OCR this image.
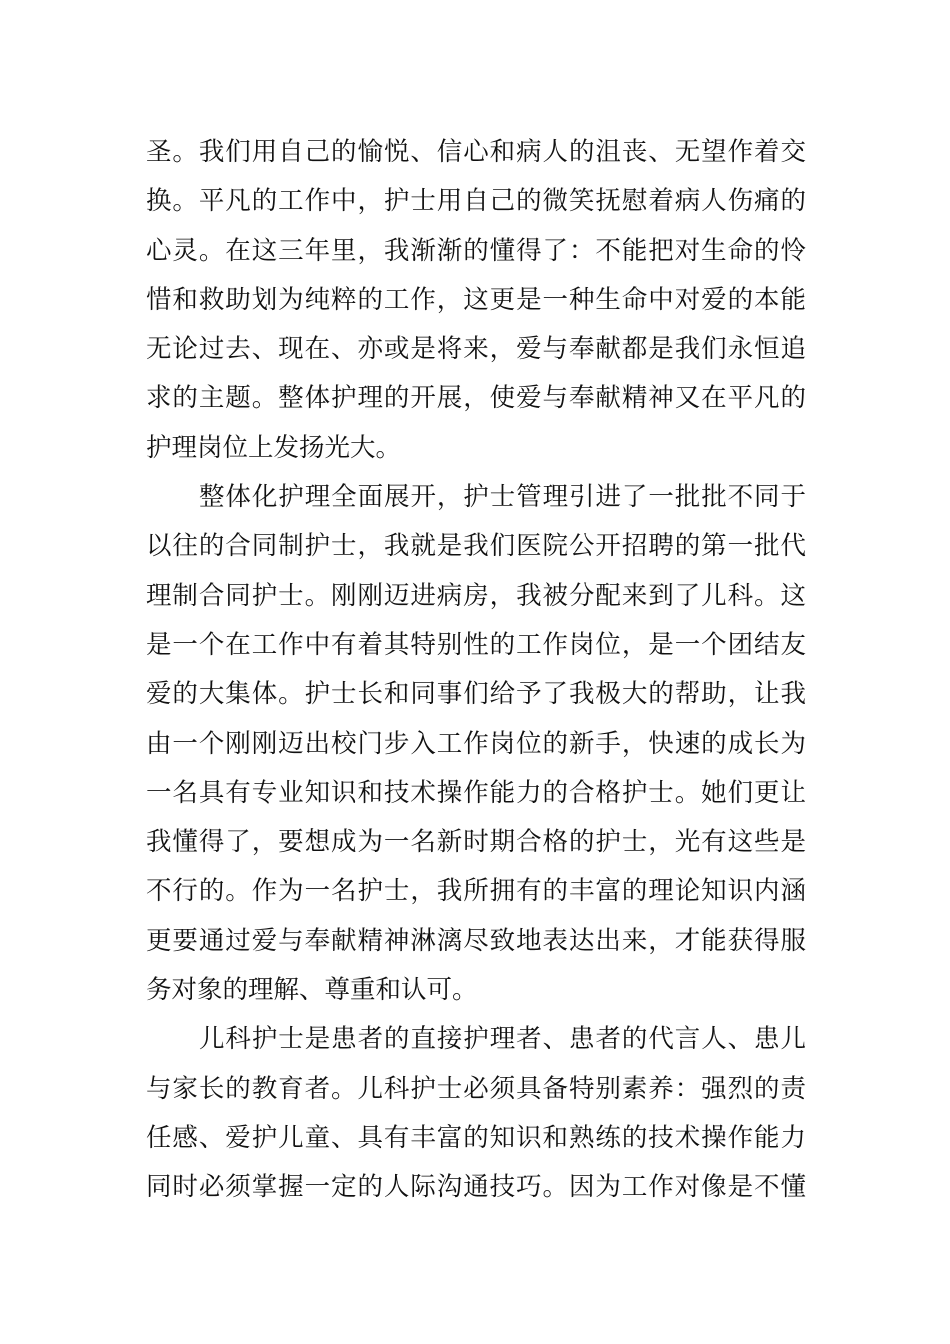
圣。我们用自己的愉悦、信心和病人的沮丧、无望作着交
换。平凡的工作中，护士用自己的微笑抚慰着病人伤痛的
心灵。在这三年里，我渐渐的懂得了：不能把对生命的怜
惜和救助划为纯粹的工作，这更是一种生命中对爱的本能
无论过去、现在、亦或是将来，爱与奉献都是我们永恒追
求的主题。整体护理的开展，使爱与奉献精神又在平凡的
护理岗位上发扬光大。
整体化护理全面展开，护士管理引进了一批批不同于
以往的合同制护士，我就是我们医院公开招聘的第一批代
理制合同护士。刚刚迈进病房，我被分配来到了儿科。这
是一个在工作中有着其特别性的工作岗位，是一个团结友
爱的大集体。护士长和同事们给予了我极大的帮助，让我
由一个刚刚迈出校门步入工作岗位的新手，快速的成长为
一名具有专业知识和技术操作能力的合格护士。她们更让
我懂得了，要想成为一名新时期合格的护士，光有这些是
不行的。作为一名护士，我所拥有的丰富的理论知识内涵
更要通过爱与奉献精神淋漓尽致地表达出来，才能获得服
务对象的理解、尊重和认可。
儿科护士是患者的直接护理者、患者的代言人、患儿
与家长的教育者。儿科护士必须具备特别素养：强烈的责
任感、爱护儿童、具有丰富的知识和熟练的技术操作能力
同时必须掌握一定的人际沟通技巧。因为工作对像是不懂
